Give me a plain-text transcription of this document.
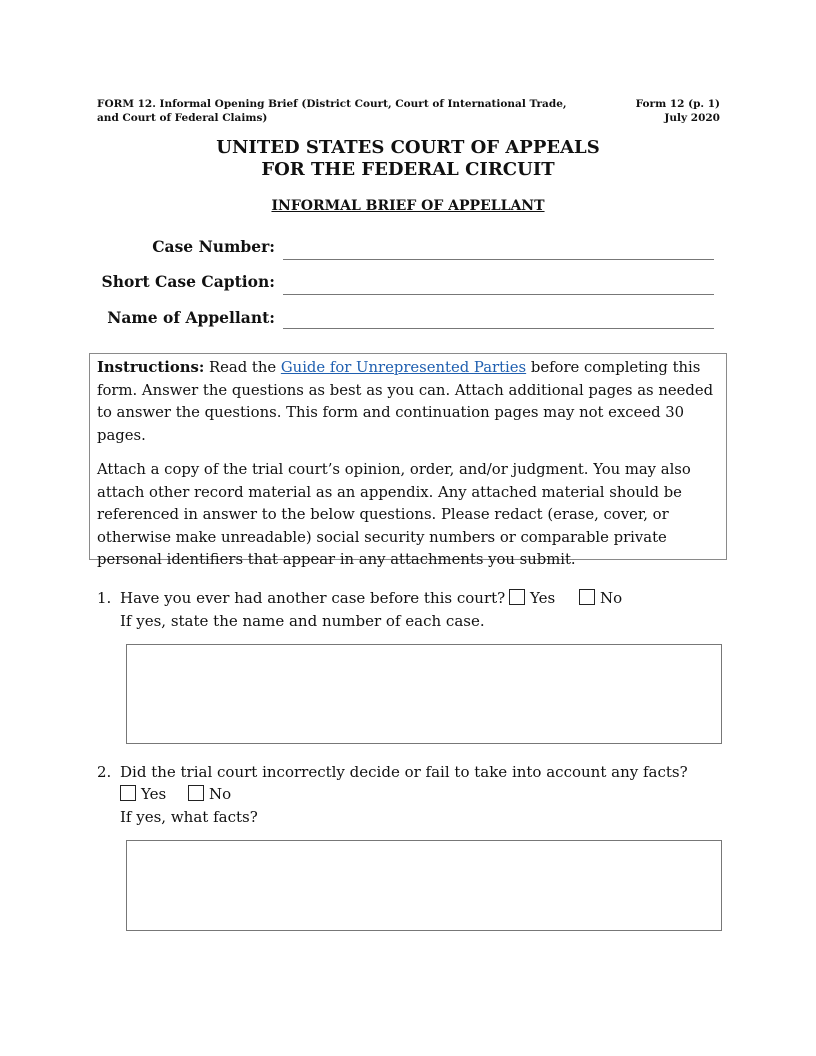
FORM 12. Informal Opening Brief (District Court, Court of International Trade,
and Court of Federal Claims)
Form 12 (p. 1)
July 2020
UNITED STATES COURT OF APPEALS
FOR THE FEDERAL CIRCUIT
INFORMAL BRIEF OF APPELLANT
Case Number:
Short Case Caption:
Name of Appellant:

Instructions: Read the Guide for Unrepresented Parties before completing this form. Answer the questions as best as you can. Attach additional pages as needed to answer the questions. This form and continuation pages may not exceed 30 pages.

Attach a copy of the trial court’s opinion, order, and/or judgment. You may also attach other record material as an appendix. Any attached material should be referenced in answer to the below questions. Please redact (erase, cover, or otherwise make unreadable) social security numbers or comparable private personal identifiers that appear in any attachments you submit.

1. Have you ever had another case before this court?	Yes	No
If yes, state the name and number of each case.
2. Did the trial court incorrectly decide or fail to take into account any facts?
Yes	No
If yes, what facts?
